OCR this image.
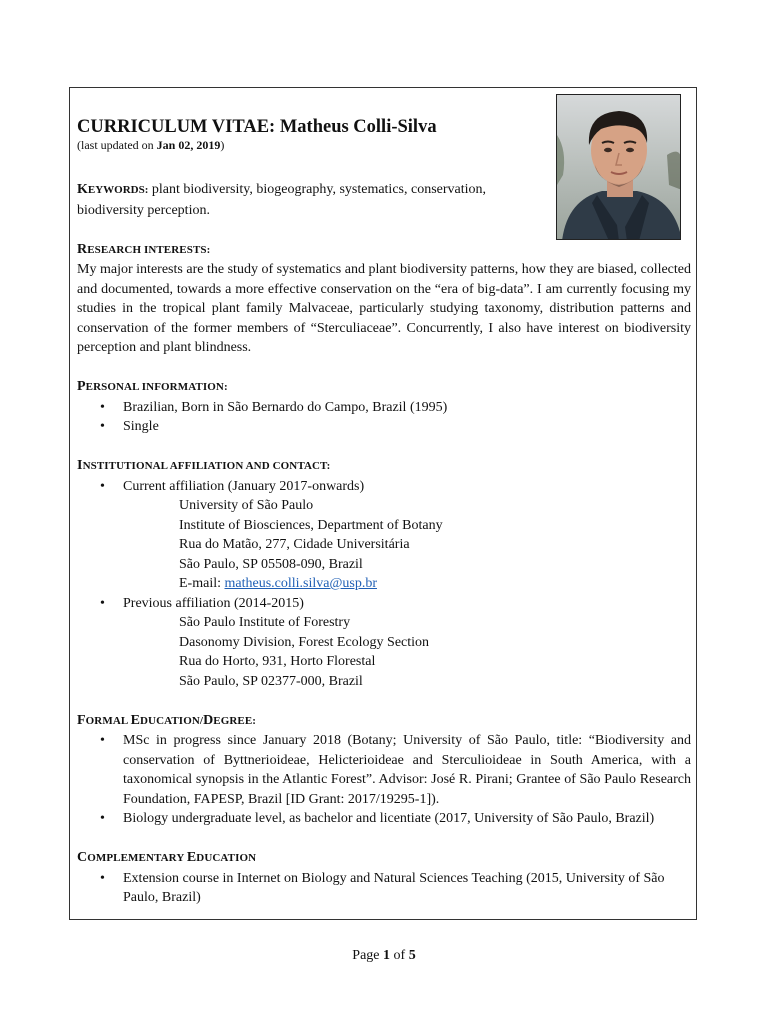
CURRICULUM VITAE: Matheus Colli-Silva

(last updated on Jan 02, 2019)

KEYWORDS: plant biodiversity, biogeography, systematics, conservation, biodiversity perception.

RESEARCH INTERESTS:

My major interests are the study of systematics and plant biodiversity patterns, how they are biased, collected and documented, towards a more effective conservation on the “era of big-data”. I am currently focusing my studies in the tropical plant family Malvaceae, particularly studying taxonomy, distribution patterns and conservation of the former members of “Sterculiaceae”. Concurrently, I also have interest on biodiversity perception and plant blindness.

PERSONAL INFORMATION:

• Brazilian, Born in São Bernardo do Campo, Brazil (1995)
• Single

INSTITUTIONAL AFFILIATION AND CONTACT:

• Current affiliation (January 2017-onwards)
University of São Paulo
Institute of Biosciences, Department of Botany
Rua do Matão, 277, Cidade Universitária
São Paulo, SP 05508-090, Brazil
E-mail: matheus.colli.silva@usp.br
• Previous affiliation (2014-2015)
São Paulo Institute of Forestry
Dasonomy Division, Forest Ecology Section
Rua do Horto, 931, Horto Florestal
São Paulo, SP 02377-000, Brazil

FORMAL EDUCATION/DEGREE:

• MSc in progress since January 2018 (Botany; University of São Paulo, title: “Biodiversity and conservation of Byttnerioideae, Helicterioideae and Sterculioideae in South America, with a taxonomical synopsis in the Atlantic Forest”. Advisor: José R. Pirani; Grantee of São Paulo Research Foundation, FAPESP, Brazil [ID Grant: 2017/19295-1]).
• Biology undergraduate level, as bachelor and licentiate (2017, University of São Paulo, Brazil)

COMPLEMENTARY EDUCATION

• Extension course in Internet on Biology and Natural Sciences Teaching (2015, University of São Paulo, Brazil)
Page 1 of 5
